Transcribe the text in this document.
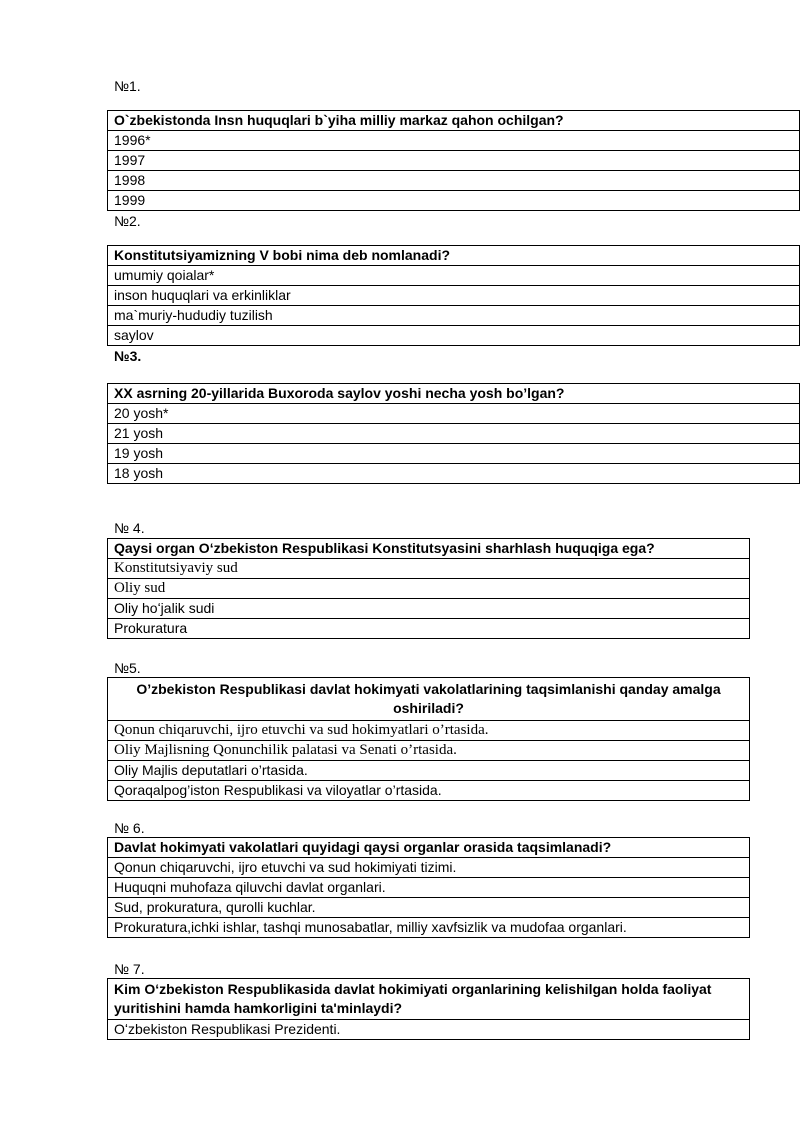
№1.
O`zbekistonda Insn huquqlari b`yiha milliy markaz qahon ochilgan?
1996*
1997
1998
1999
№2.
Konstitutsiyamizning V bobi nima deb nomlanadi?
umumiy qoialar*
inson huquqlari va erkinliklar
ma`muriy-hududiy tuzilish
saylov
№3.
XX asrning 20-yillarida Buxoroda saylov yoshi necha yosh bo’lgan?
20 yosh*
21 yosh
19 yosh
18 yosh
№ 4.
Qaysi organ Oʻzbekiston Respublikasi Konstitutsyasini sharhlash huquqiga ega?
Konstitutsiyaviy sud
Oliy sud
Oliy hoʻjalik sudi
Prokuratura
№5.
O’zbekiston Respublikasi davlat hokimyati vakolatlarining taqsimlanishi qanday amalga oshiriladi?
Qonun chiqaruvchi, ijro etuvchi va sud hokimyatlari o’rtasida.
Oliy Majlisning Qonunchilik palatasi va Senati o’rtasida.
Oliy Majlis deputatlari o’rtasida.
Qoraqalpog’iston Respublikasi va viloyatlar o’rtasida.
№ 6.
Davlat hokimyati vakolatlari quyidagi qaysi organlar orasida taqsimlanadi?
Qonun chiqaruvchi, ijro etuvchi va sud hokimiyati tizimi.
Huquqni muhofaza qiluvchi davlat organlari.
Sud, prokuratura, qurolli kuchlar.
Prokuratura,ichki ishlar, tashqi munosabatlar, milliy xavfsizlik va mudofaa organlari.
№ 7.
Kim Oʻzbekiston Respublikasida davlat hokimiyati organlarining kelishilgan holda faoliyat yuritishini hamda hamkorligini ta'minlaydi?
Oʻzbekiston Respublikasi Prezidenti.
